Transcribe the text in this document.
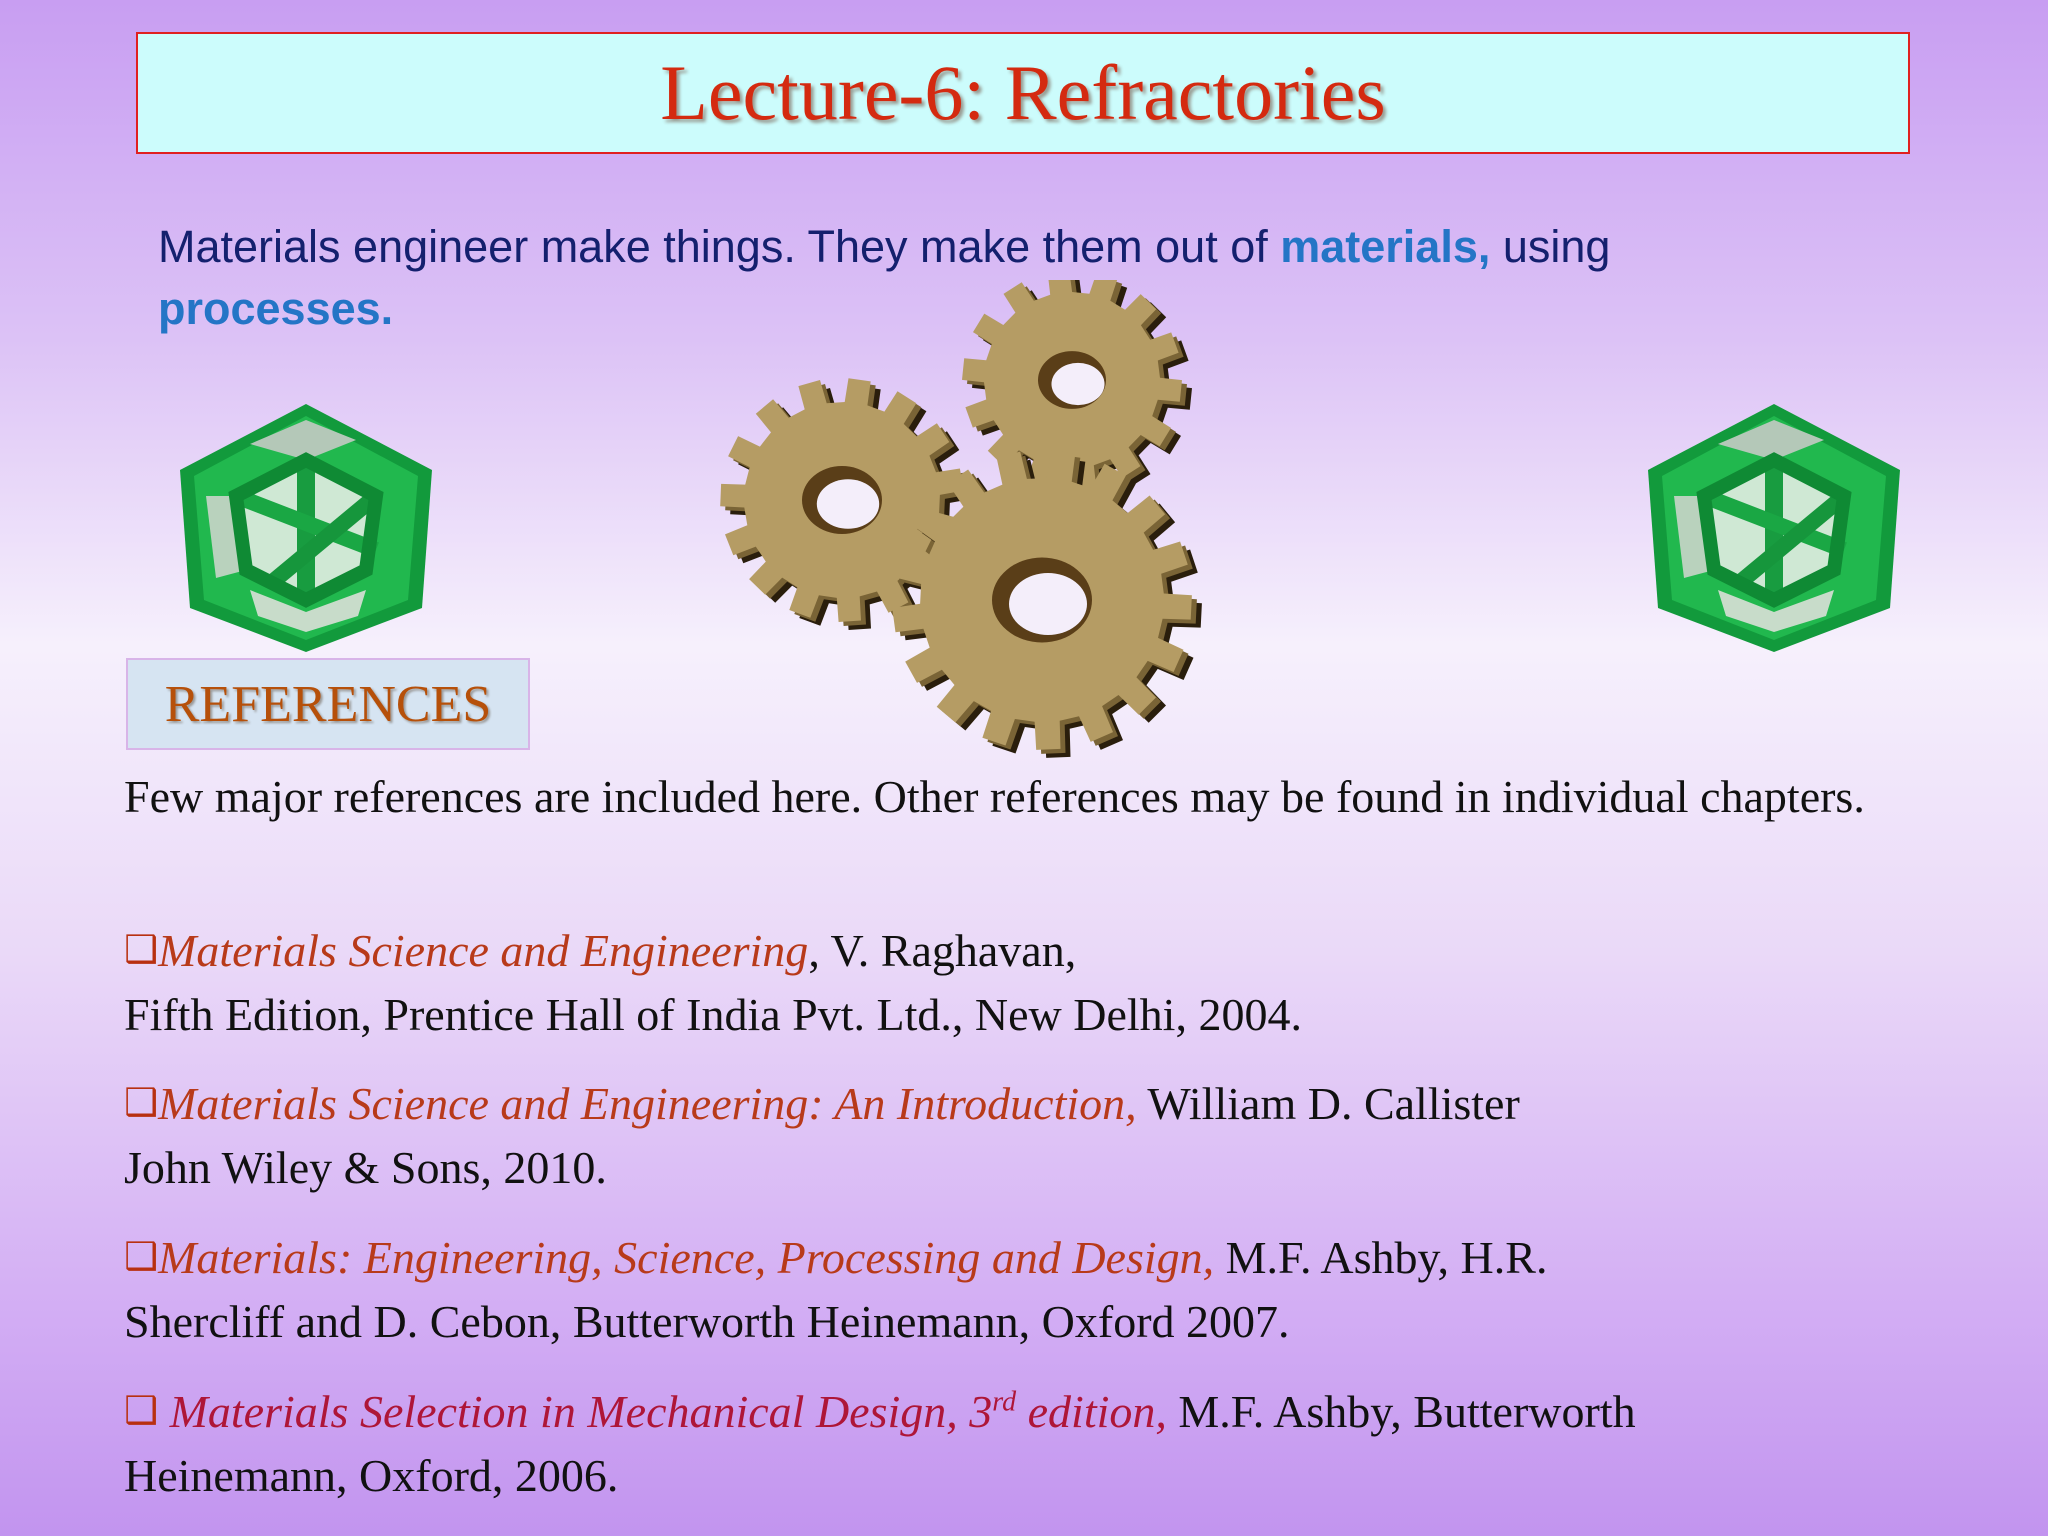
Lecture-6: Refractories
Materials engineer make things. They make them out of materials, using
processes.
REFERENCES
Few major references are included here. Other references may be found in individual chapters.
❑Materials Science and Engineering, V. Raghavan,
Fifth Edition, Prentice Hall of India Pvt. Ltd., New Delhi, 2004.
❑Materials Science and Engineering: An Introduction, William D. Callister
John Wiley & Sons, 2010.
❑Materials: Engineering, Science, Processing and Design, M.F. Ashby, H.R.
Shercliff and D. Cebon, Butterworth Heinemann, Oxford 2007.
❑ Materials Selection in Mechanical Design, 3rd edition, M.F. Ashby, Butterworth
Heinemann, Oxford, 2006.
